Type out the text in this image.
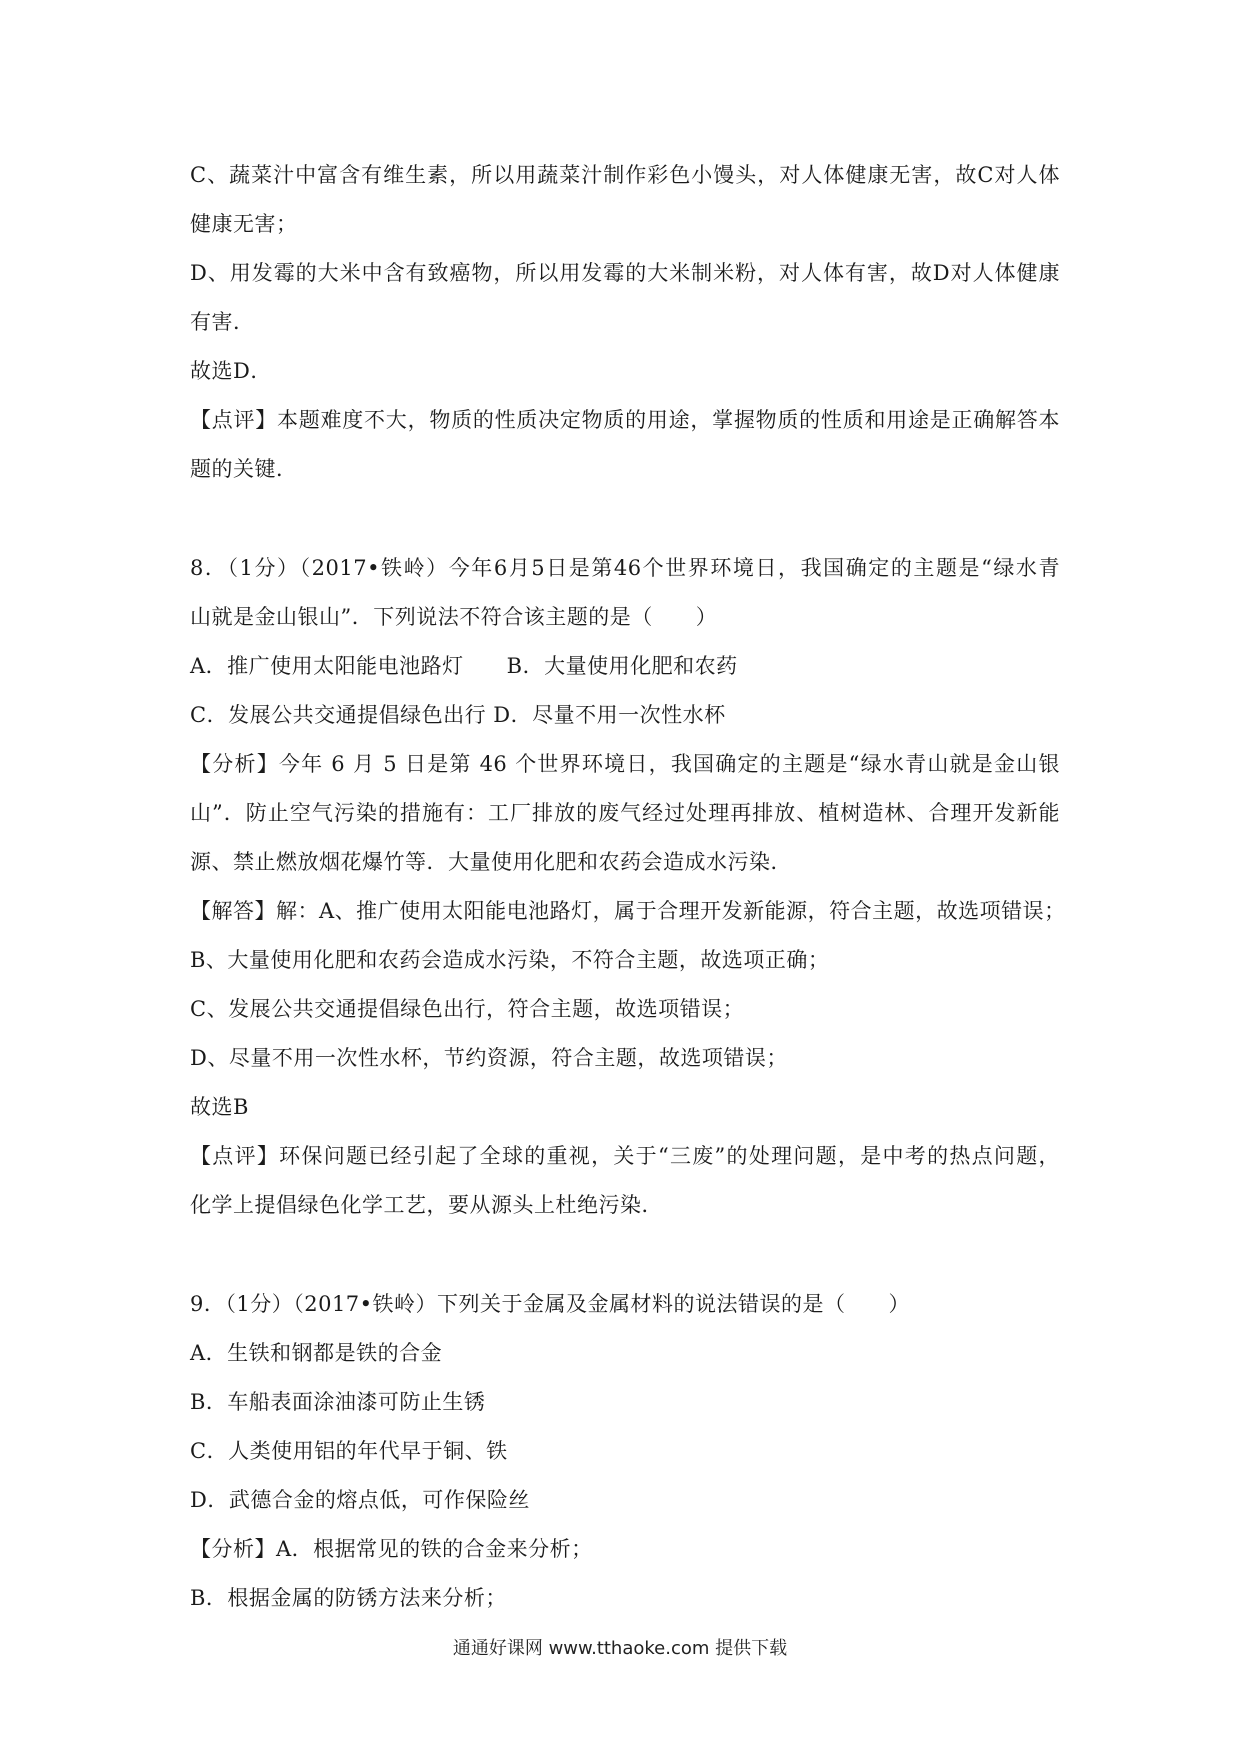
C、蔬菜汁中富含有维生素，所以用蔬菜汁制作彩色小馒头，对人体健康无害，故C对人体
健康无害；
D、用发霉的大米中含有致癌物，所以用发霉的大米制米粉，对人体有害，故D对人体健康
有害．
故选D．
【点评】本题难度不大，物质的性质决定物质的用途，掌握物质的性质和用途是正确解答本
题的关键．
8．（1分）（2017•铁岭）今年6月5日是第46个世界环境日，我国确定的主题是“绿水青
山就是金山银山”．下列说法不符合该主题的是（　　）
A．推广使用太阳能电池路灯　　B．大量使用化肥和农药
C．发展公共交通提倡绿色出行 D．尽量不用一次性水杯
【分析】今年 6 月 5 日是第 46 个世界环境日，我国确定的主题是“绿水青山就是金山银
山”．防止空气污染的措施有：工厂排放的废气经过处理再排放、植树造林、合理开发新能
源、禁止燃放烟花爆竹等．大量使用化肥和农药会造成水污染．
【解答】解：A、推广使用太阳能电池路灯，属于合理开发新能源，符合主题，故选项错误；
B、大量使用化肥和农药会造成水污染，不符合主题，故选项正确；
C、发展公共交通提倡绿色出行，符合主题，故选项错误；
D、尽量不用一次性水杯，节约资源，符合主题，故选项错误；
故选B
【点评】环保问题已经引起了全球的重视，关于“三废”的处理问题，是中考的热点问题，
化学上提倡绿色化学工艺，要从源头上杜绝污染．
9．（1分）（2017•铁岭）下列关于金属及金属材料的说法错误的是（　　）
A．生铁和钢都是铁的合金
B．车船表面涂油漆可防止生锈
C．人类使用铝的年代早于铜、铁
D．武德合金的熔点低，可作保险丝
【分析】A．根据常见的铁的合金来分析；
B．根据金属的防锈方法来分析；
通通好课网 www.tthaoke.com 提供下载
